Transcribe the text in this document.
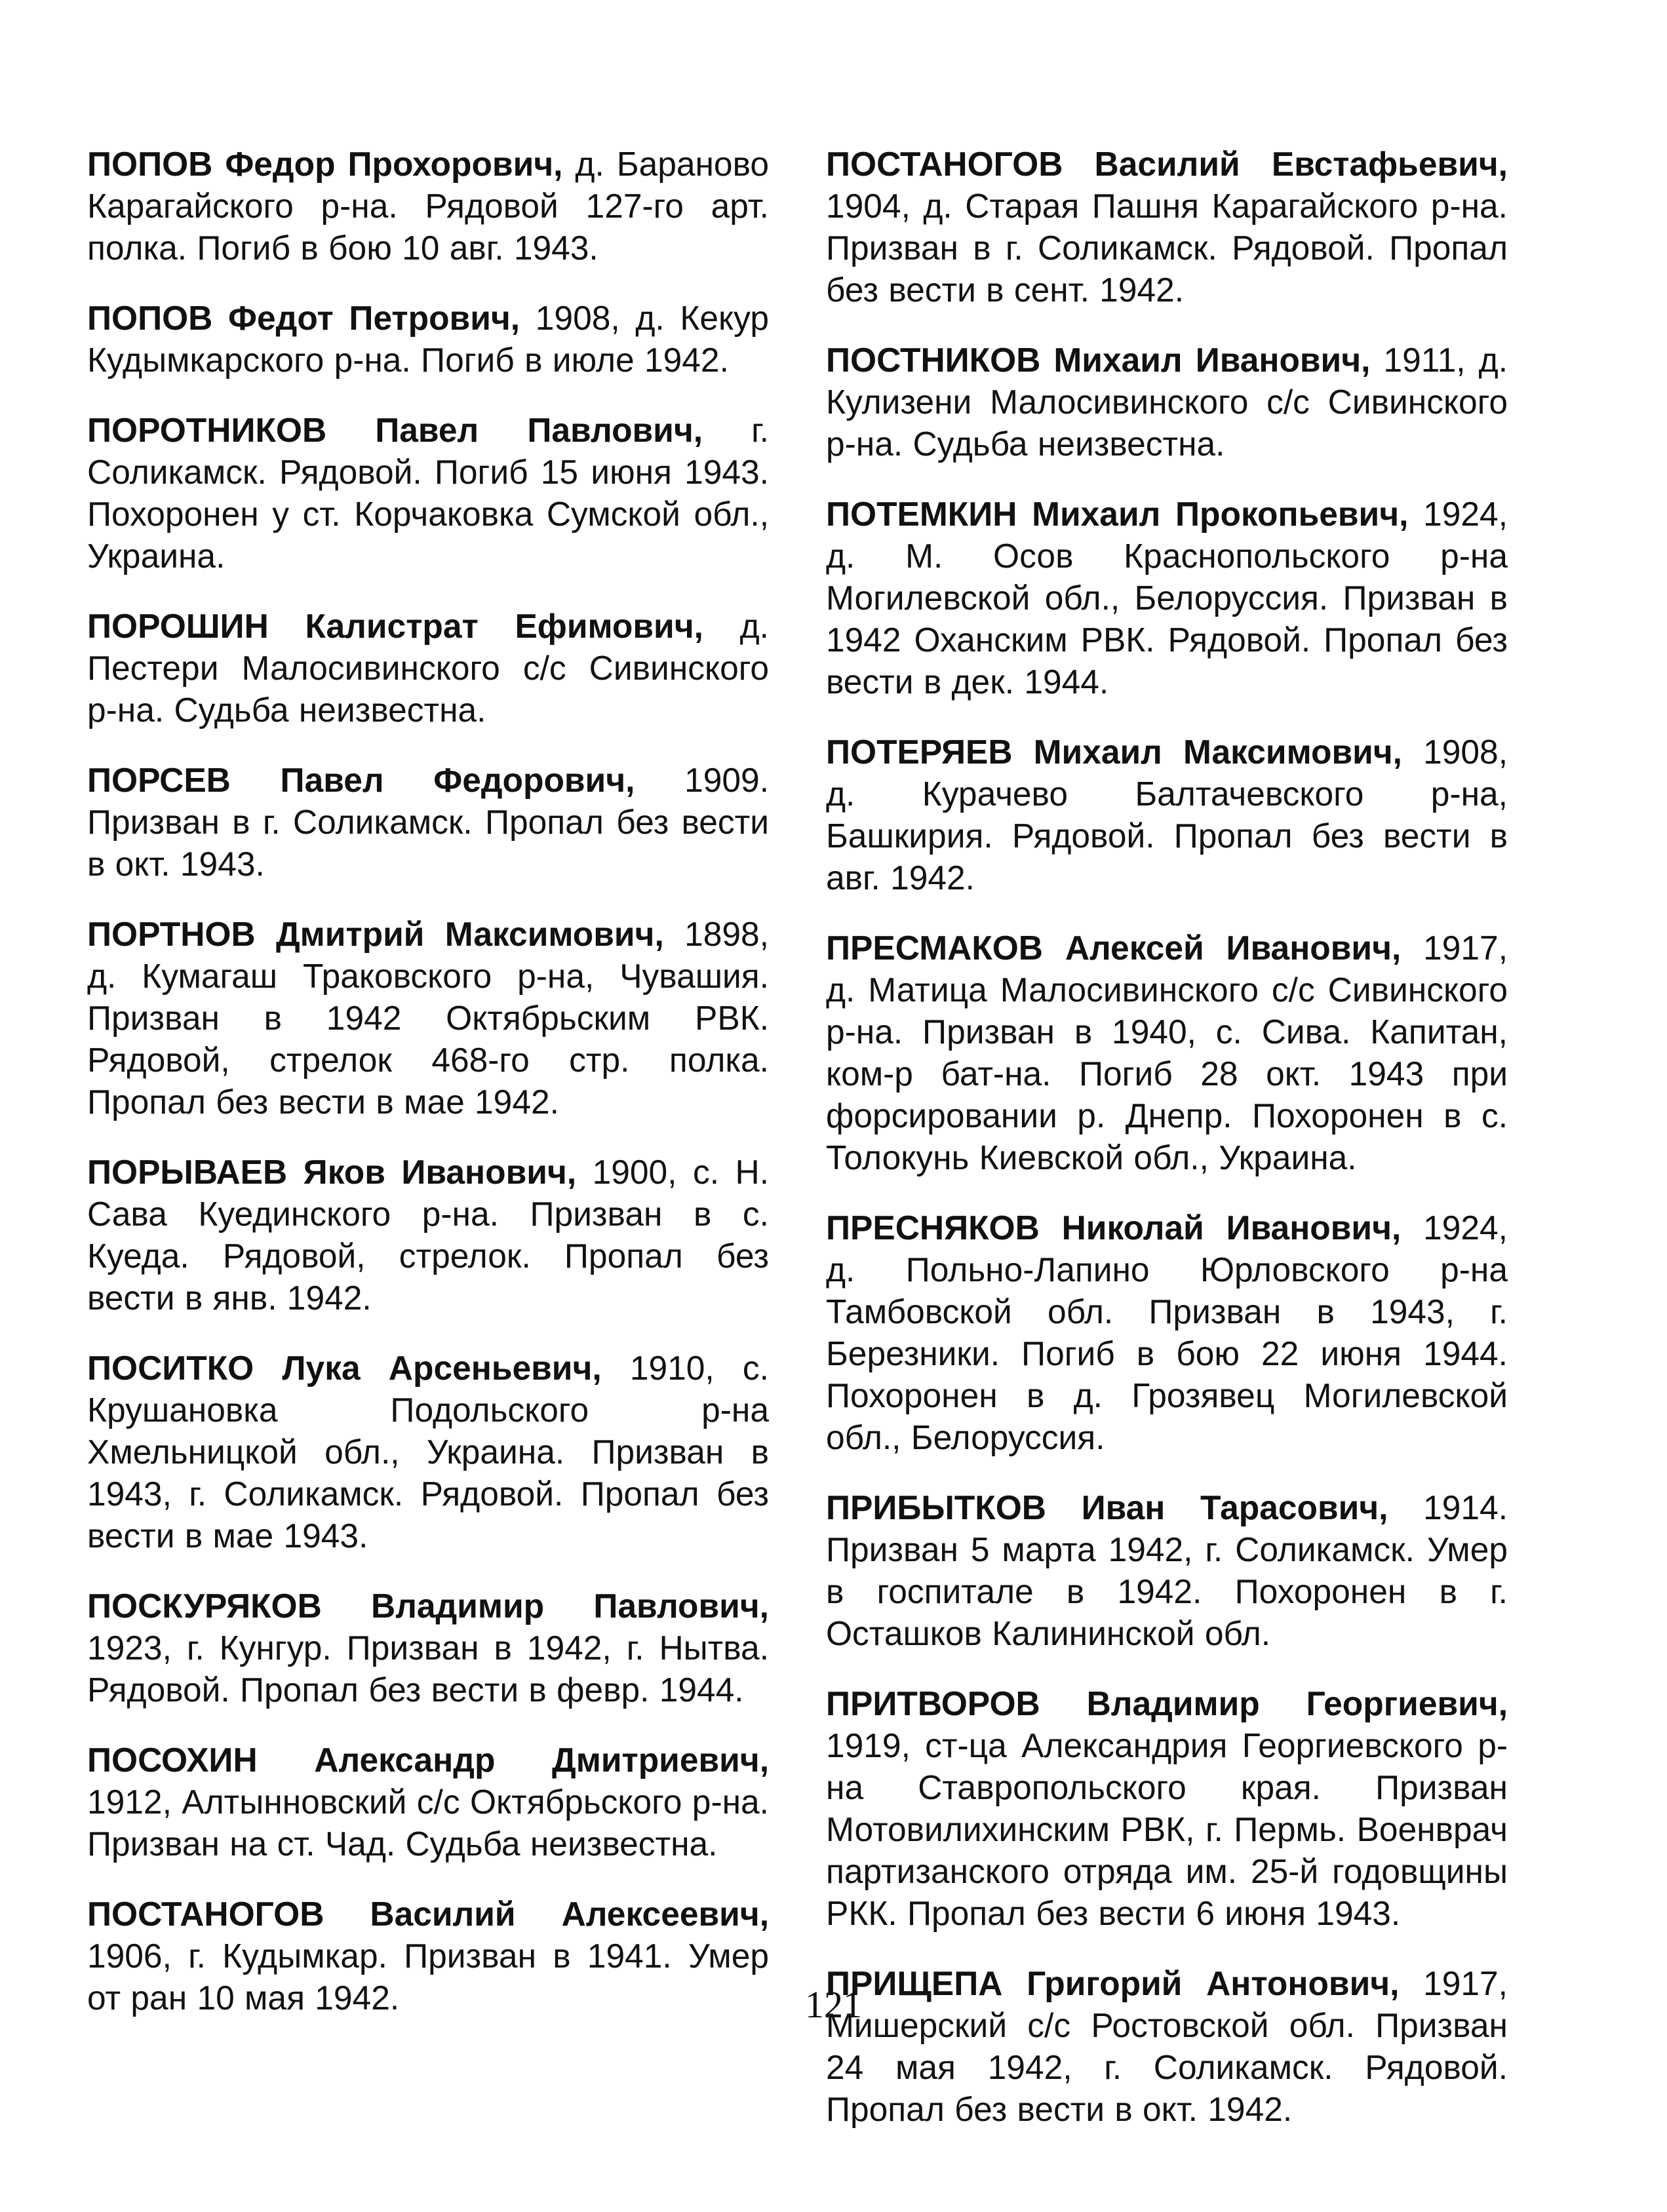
ПОПОВ Федор Прохорович, д. Бараново Карагайского р-на. Рядовой 127-го арт. полка. Погиб в бою 10 авг. 1943.

ПОПОВ Федот Петрович, 1908, д. Кекур Кудымкарского р-на. Погиб в июле 1942.

ПОРОТНИКОВ Павел Павлович, г. Соликамск. Рядовой. Погиб 15 июня 1943. Похоронен у ст. Корчаковка Сумской обл., Украина.

ПОРОШИН Калистрат Ефимович, д. Пестери Малосивинского с/с Сивинского р-на. Судьба неизвестна.

ПОРСЕВ Павел Федорович, 1909. Призван в г. Соликамск. Пропал без вести в окт. 1943.

ПОРТНОВ Дмитрий Максимович, 1898, д. Кумагаш Траковского р-на, Чувашия. Призван в 1942 Октябрьским РВК. Рядовой, стрелок 468-го стр. полка. Пропал без вести в мае 1942.

ПОРЫВАЕВ Яков Иванович, 1900, с. Н. Сава Куединского р-на. Призван в с. Куеда. Рядовой, стрелок. Пропал без вести в янв. 1942.

ПОСИТКО Лука Арсеньевич, 1910, с. Крушановка Подольского р-на Хмельницкой обл., Украина. Призван в 1943, г. Соликамск. Рядовой. Пропал без вести в мае 1943.

ПОСКУРЯКОВ Владимир Павлович, 1923, г. Кунгур. Призван в 1942, г. Нытва. Рядовой. Пропал без вести в февр. 1944.

ПОСОХИН Александр Дмитриевич, 1912, Алтынновский с/с Октябрьского р-на. Призван на ст. Чад. Судьба неизвестна.

ПОСТАНОГОВ Василий Алексеевич, 1906, г. Кудымкар. Призван в 1941. Умер от ран 10 мая 1942.

ПОСТАНОГОВ Василий Евстафьевич, 1904, д. Старая Пашня Карагайского р-на. Призван в г. Соликамск. Рядовой. Пропал без вести в сент. 1942.

ПОСТНИКОВ Михаил Иванович, 1911, д. Кулизени Малосивинского с/с Сивинского р-на. Судьба неизвестна.

ПОТЕМКИН Михаил Прокопьевич, 1924, д. М. Осов Краснопольского р-на Могилевской обл., Белоруссия. Призван в 1942 Оханским РВК. Рядовой. Пропал без вести в дек. 1944.

ПОТЕРЯЕВ Михаил Максимович, 1908, д. Курачево Балтачевского р-на, Башкирия. Рядовой. Пропал без вести в авг. 1942.

ПРЕСМАКОВ Алексей Иванович, 1917, д. Матица Малосивинского с/с Сивинского р-на. Призван в 1940, с. Сива. Капитан, ком-р бат-на. Погиб 28 окт. 1943 при форсировании р. Днепр. Похоронен в с. Толокунь Киевской обл., Украина.

ПРЕСНЯКОВ Николай Иванович, 1924, д. Польно-Лапино Юрловского р-на Тамбовской обл. Призван в 1943, г. Березники. Погиб в бою 22 июня 1944. Похоронен в д. Грозявец Могилевской обл., Белоруссия.

ПРИБЫТКОВ Иван Тарасович, 1914. Призван 5 марта 1942, г. Соликамск. Умер в госпитале в 1942. Похоронен в г. Осташков Калининской обл.

ПРИТВОРОВ Владимир Георгиевич, 1919, ст-ца Александрия Георгиевского р-на Ставропольского края. Призван Мотовилихинским РВК, г. Пермь. Военврач партизанского отряда им. 25-й годовщины РКК. Пропал без вести 6 июня 1943.

ПРИЩЕПА Григорий Антонович, 1917, Мишерский с/с Ростовской обл. Призван 24 мая 1942, г. Соликамск. Рядовой. Пропал без вести в окт. 1942.

121
